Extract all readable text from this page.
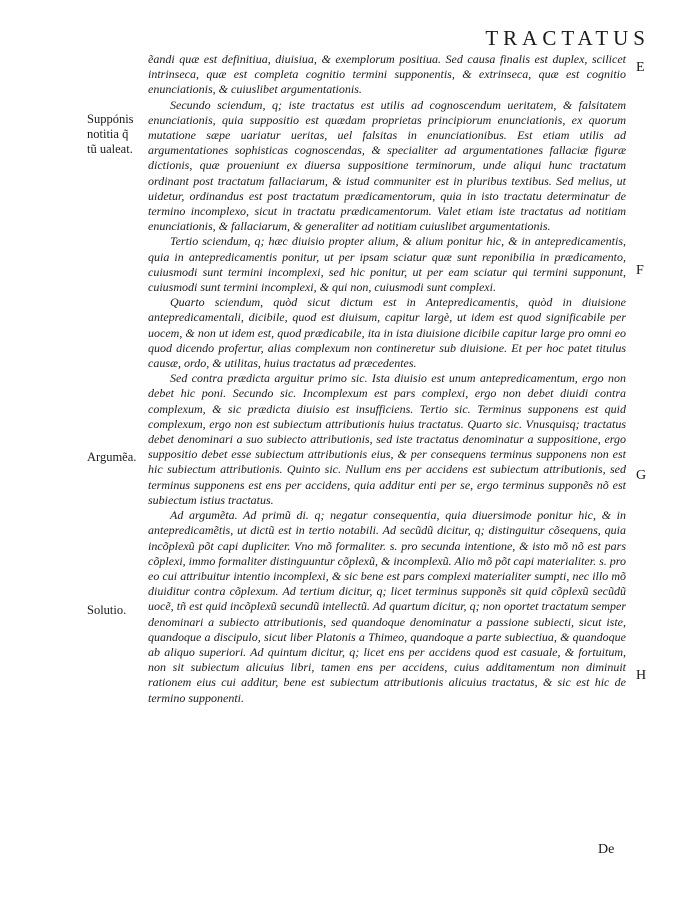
TRACTATUS

ẽandi quæ est definitiua, diuisiua, & exemplorum positiua. Sed causa finalis est duplex, scilicet intrinseca, quæ est completa cognitio termini supponentis, & extrinseca, quæ est cognitio enunciationis, & cuiuslibet argumentationis.

Secundo sciendum, q; iste tractatus est utilis ad cognoscendum ueritatem, & falsitatem enunciationis, quia suppositio est quædam proprietas principiorum enunciationis, ex quorum mutatione sæpe uariatur ueritas, uel falsitas in enunciationibus. Est etiam utilis ad argumentationes sophisticas cognoscendas, & specialiter ad argumentationes fallaciæ figuræ dictionis, quæ proueniunt ex diuersa suppositione terminorum, unde aliqui hunc tractatum ordinant post tractatum fallaciarum, & istud communiter est in pluribus textibus. Sed melius, ut uidetur, ordinandus est post tractatum prædicamentorum, quia in isto tractatu determinatur de termino incomplexo, sicut in tractatu prædicamentorum. Valet etiam iste tractatus ad notitiam enunciationis, & fallaciarum, & generaliter ad notitiam cuiuslibet argumentationis.

Tertio sciendum, q; hæc diuisio propter alium, & alium ponitur hic, & in antepredicamentis, quia in antepredicamentis ponitur, ut per ipsam sciatur quæ sunt reponibilia in prædicamento, cuiusmodi sunt termini incomplexi, sed hic ponitur, ut per eam sciatur qui termini supponunt, cuiusmodi sunt termini incomplexi, & qui non, cuiusmodi sunt complexi.

Quarto sciendum, quòd sicut dictum est in Antepredicamentis, quòd in diuisione antepredicamentali, dicibile, quod est diuisum, capitur largè, ut idem est quod significabile per uocem, & non ut idem est, quod prædicabile, ita in ista diuisione dicibile capitur large pro omni eo quod dicendo profertur, alias complexum non contineretur sub diuisione. Et per hoc patet titulus causæ, ordo, & utilitas, huius tractatus ad præcedentes.

Sed contra prædicta arguitur primo sic. Ista diuisio est unum antepredicamentum, ergo non debet hic poni. Secundo sic. Incomplexum est pars complexi, ergo non debet diuidi contra complexum, & sic prædicta diuisio est insufficiens. Tertio sic. Terminus supponens est quid complexum, ergo non est subiectum attributionis huius tractatus. Quarto sic. Vnusquisq; tractatus debet denominari a suo subiecto attributionis, sed iste tractatus denominatur a suppositione, ergo suppositio debet esse subiectum attributionis eius, & per consequens terminus supponens non est hic subiectum attributionis. Quinto sic. Nullum ens per accidens est subiectum attributionis, sed terminus supponens est ens per accidens, quia additur enti per se, ergo terminus supponẽs nõ est subiectum istius tractatus.

Ad argumẽta. Ad primũ di. q; negatur consequentia, quia diuersimode ponitur hic, & in antepredicamẽtis, ut dictũ est in tertio notabili. Ad secũdũ dicitur, q; distinguitur cõsequens, quia incõplexũ põt capi dupliciter. Vno mõ formaliter. s. pro secunda intentione, & isto mõ nõ est pars cõplexi, immo formaliter distinguuntur cõplexũ, & incomplexũ. Alio mõ põt capi materialiter. s. pro eo cui attribuitur intentio incomplexi, & sic bene est pars complexi materialiter sumpti, nec illo mõ diuiditur contra cõplexum. Ad tertium dicitur, q; licet terminus supponẽs sit quid cõplexũ secũdũ uocẽ, tñ est quid incõplexũ secundũ intellectũ. Ad quartum dicitur, q; non oportet tractatum semper denominari a subiecto attributionis, sed quandoque denominatur a passione subiecti, sicut iste, quandoque a discipulo, sicut liber Platonis a Thimeo, quandoque a parte subiectiua, & quandoque ab aliquo superiori. Ad quintum dicitur, q; licet ens per accidens quod est casuale, & fortuitum, non sit subiectum alicuius libri, tamen ens per accidens, cuius additamentum non diminuit rationem eius cui additur, bene est subiectum attributionis alicuius tractatus, & sic est hic de termino supponenti.

Suppónis
notitia q̃
tũ ualeat.
Argumẽa.
Solutio.
E
F
G
H
De
